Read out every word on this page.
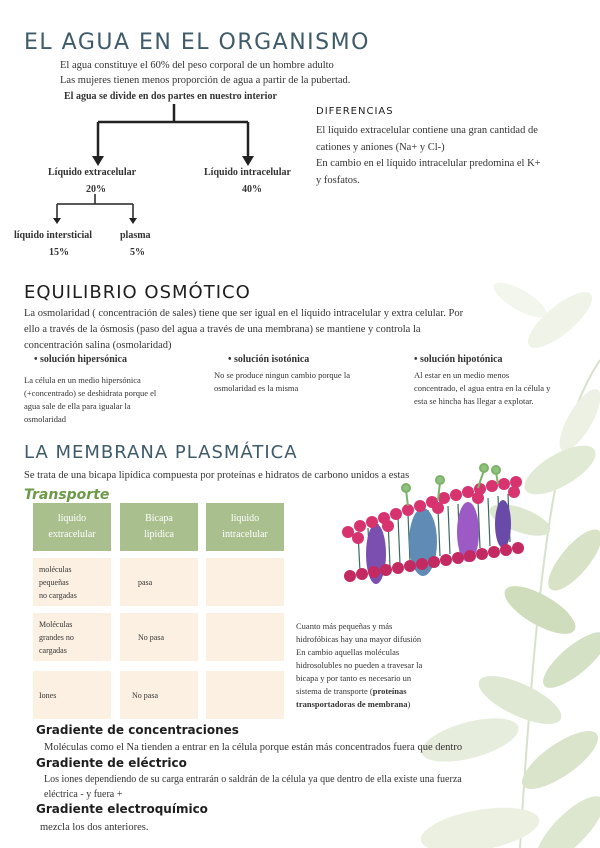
EL AGUA EN EL ORGANISMO
El agua constituye el 60% del peso corporal de un hombre adulto
Las mujeres tienen menos proporción de agua a partir de la pubertad.
El agua se divide en dos partes en nuestro interior
Líquido extracelular
20%
Líquido intracelular
40%
líquido intersticial
15%
plasma
5%
DIFERENCIAS
El líquido extracelular contiene una gran cantidad de
cationes y aniones (Na+ y Cl-)
En cambio en el líquido intracelular predomina el K+
y fosfatos.
EQUILIBRIO OSMÓTICO
La osmolaridad ( concentración de sales) tiene que ser igual en el líquido intracelular y extra celular. Por
ello a través de la ósmosis (paso del agua a través de una membrana) se mantiene y controla la
concentración salina (osmolaridad)
• solución hipersónica
La célula en un medio hipersónica
(+concentrado) se deshidrata porque el
agua sale de ella para igualar la
osmolaridad
• solución isotónica
No se produce ningun cambio porque la
osmolaridad es la misma
• solución hipotónica
Al estar en un medio menos
concentrado, el agua entra en la célula y
esta se hincha has llegar a explotar.
LA MEMBRANA PLASMÁTICA
Se trata de una bicapa lipídica compuesta por proteínas e hidratos de carbono unidos a estas
Transporte
líquido
extracelular
Bicapa
lipídica
líquido
intracelular
moléculas
pequeñas
no cargadas
pasa
Moléculas
grandes no
cargadas
No pasa
Iones	No pasa
Cuanto más pequeñas y más
hidrofóbicas hay una mayor difusión
En cambio aquellas moléculas
hidrosolubles no pueden a travesar la
bicapa y por tanto es necesario un
sistema de transporte (proteínas
transportadoras de membrana)
Gradiente de concentraciones
Moléculas como el Na tienden a entrar en la célula porque están más concentrados fuera que dentro
Gradiente de eléctrico
Los iones dependiendo de su carga entrarán o saldrán de la célula ya que dentro de ella existe una fuerza
eléctrica - y fuera +
Gradiente electroquímico
mezcla los dos anteriores.
